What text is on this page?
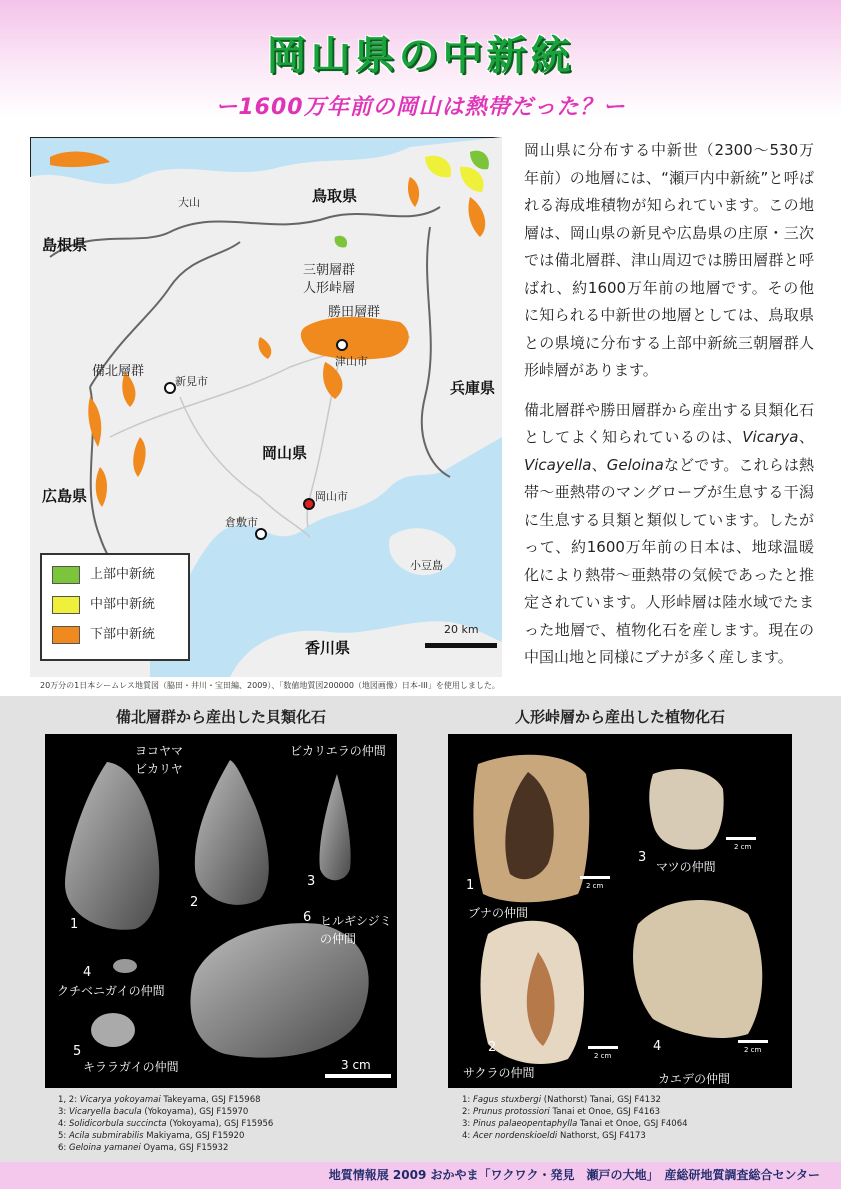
岡山県の中新統
ー1600万年前の岡山は熱帯だった？ー
鳥取県
島根県
兵庫県
岡山県
広島県
香川県
大山
三朝層群
人形峠層
勝田層群
備北層群
新見市
津山市
岡山市
倉敷市
小豆島
20 km
上部中新統
中部中新統
下部中新統
20万分の1日本シームレス地質図（脇田・井川・宝田編、2009）、「数値地質図200000（地図画像）日本-III」を使用しました。

岡山県に分布する中新世（2300〜530万年前）の地層には、“瀬戸内中新統”と呼ばれる海成堆積物が知られています。この地層は、岡山県の新見や広島県の庄原・三次では備北層群、津山周辺では勝田層群と呼ばれ、約1600万年前の地層です。その他に知られる中新世の地層としては、鳥取県との県境に分布する上部中新統三朝層群人形峠層があります。

備北層群や勝田層群から産出する貝類化石としてよく知られているのは、Vicarya、Vicayella、Geloinaなどです。これらは熱帯〜亜熱帯のマングローブが生息する干潟に生息する貝類と類似しています。したがって、約1600万年前の日本は、地球温暖化により熱帯〜亜熱帯の気候であったと推定されています。人形峠層は陸水域でたまった地層で、植物化石を産します。現在の中国山地と同様にブナが多く産します。

備北層群から産出した貝類化石	人形峠層から産出した植物化石
ヨコヤマ
ビカリヤ
ビカリエラの仲間
ヒルギシジミ
の仲間
クチベニガイの仲間
キララガイの仲間	3 cm
1
2
3
4
5
6	ブナの仲間
サクラの仲間
マツの仲間
カエデの仲間
2 cm
2 cm
2 cm
2 cm
1
2
3
4
1, 2: Vicarya yokoyamai Takeyama, GSJ F15968
3: Vicaryella bacula (Yokoyama), GSJ F15970
4: Solidicorbula succincta (Yokoyama), GSJ F15956
5: Acila submirabilis Makiyama, GSJ F15920
6: Geloina yamanei Oyama, GSJ F15932
1: Fagus stuxbergi (Nathorst) Tanai, GSJ F4132
2: Prunus protossiori Tanai et Onoe, GSJ F4163
3: Pinus palaeopentaphylla Tanai et Onoe, GSJ F4064
4: Acer nordenskioeldi Nathorst, GSJ F4173
地質情報展 2009 おかやま「ワクワク・発見　瀬戸の大地」　産総研地質調査総合センター
